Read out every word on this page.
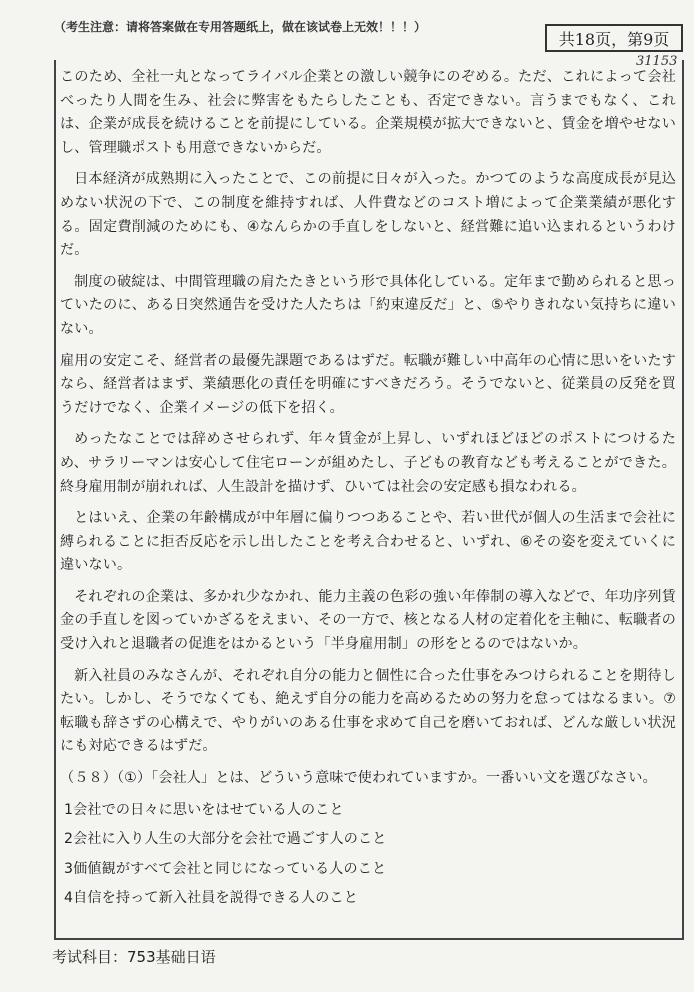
（考生注意：请将答案做在专用答题纸上，做在该试卷上无效！！！）
共18页，第9页
31153

このため、全社一丸となってライバル企業との激しい競争にのぞめる。ただ、これによって会社べったり人間を生み、社会に弊害をもたらしたことも、否定できない。言うまでもなく、これは、企業が成長を続けることを前提にしている。企業規模が拡大できないと、賃金を増やせないし、管理職ポストも用意できないからだ。

日本経済が成熟期に入ったことで、この前提に日々が入った。かつてのような高度成長が見込めない状況の下で、この制度を維持すれば、人件費などのコスト増によって企業業績が悪化する。固定費削減のためにも、④なんらかの手直しをしないと、経営難に追い込まれるというわけだ。

制度の破綻は、中間管理職の肩たたきという形で具体化している。定年まで勤められると思っていたのに、ある日突然通告を受けた人たちは「約束違反だ」と、⑤やりきれない気持ちに違いない。

雇用の安定こそ、経営者の最優先課題であるはずだ。転職が難しい中高年の心情に思いをいたすなら、経営者はまず、業績悪化の責任を明確にすべきだろう。そうでないと、従業員の反発を買うだけでなく、企業イメージの低下を招く。

めったなことでは辞めさせられず、年々賃金が上昇し、いずれほどほどのポストにつけるため、サラリーマンは安心して住宅ローンが組めたし、子どもの教育なども考えることができた。終身雇用制が崩れれば、人生設計を描けず、ひいては社会の安定感も損なわれる。

とはいえ、企業の年齢構成が中年層に偏りつつあることや、若い世代が個人の生活まで会社に縛られることに拒否反応を示し出したことを考え合わせると、いずれ、⑥その姿を変えていくに違いない。

それぞれの企業は、多かれ少なかれ、能力主義の色彩の強い年俸制の導入などで、年功序列賃金の手直しを図っていかざるをえまい、その一方で、核となる人材の定着化を主軸に、転職者の受け入れと退職者の促進をはかるという「半身雇用制」の形をとるのではないか。

新入社員のみなさんが、それぞれ自分の能力と個性に合った仕事をみつけられることを期待したい。しかし、そうでなくても、絶えず自分の能力を高めるための努力を怠ってはなるまい。⑦転職も辞さずの心構えで、やりがいのある仕事を求めて自己を磨いておれば、どんな厳しい状況にも対応できるはずだ。

（５８）（①）「会社人」とは、どういう意味で使われていますか。一番いい文を選びなさい。

1会社での日々に思いをはせている人のこと
2会社に入り人生の大部分を会社で過ごす人のこと
3価値観がすべて会社と同じになっている人のこと
4自信を持って新入社員を説得できる人のこと
考试科目：753基础日语
